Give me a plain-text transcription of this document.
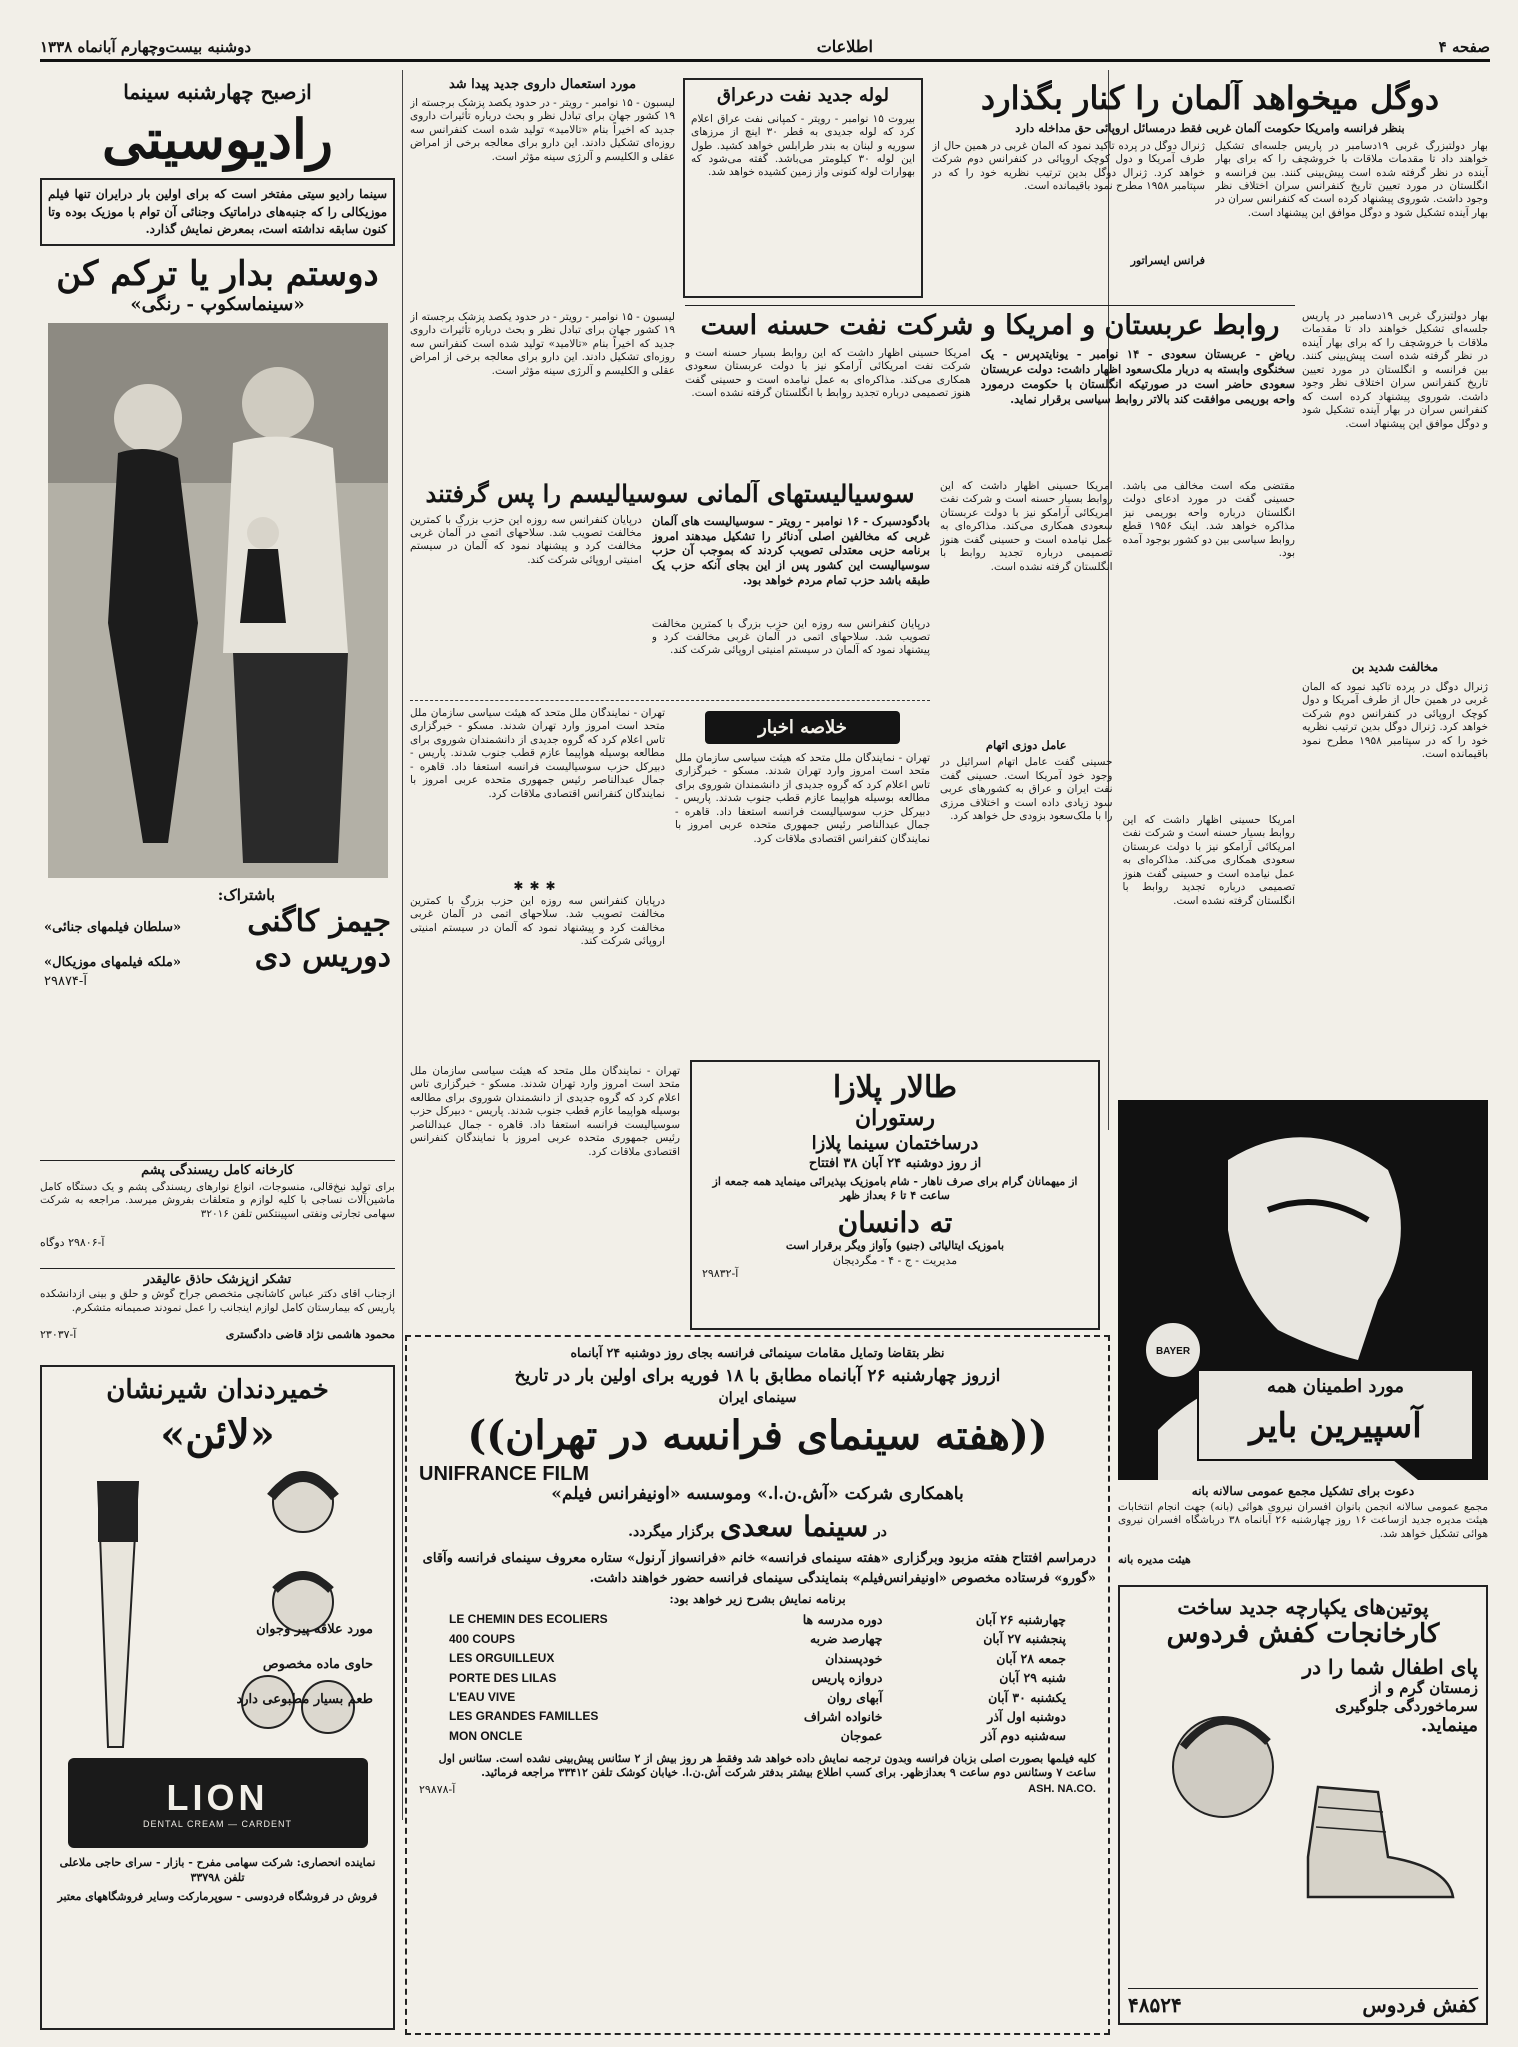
صفحه ۴
اطلاعات
دوشنبه بیست‌وچهارم آبانماه ۱۳۳۸
دوگل میخواهد آلمان را کنار بگذارد
بنظر فرانسه وامریکا حکومت آلمان غربی فقط درمسائل اروپائی حق مداخله دارد
بهار دولتبزرگ غربی ۱۹دسامبر در پاریس جلسه‌ای تشکیل خواهند داد تا مقدمات ملاقات با خروشچف را که برای بهار آینده در نظر گرفته شده است پیش‌بینی کنند. بین فرانسه و انگلستان در مورد تعیین تاریخ کنفرانس سران اختلاف نظر وجود داشت. شوروی پیشنهاد کرده است که کنفرانس سران در بهار آینده تشکیل شود و دوگل موافق این پیشنهاد است.
ژنرال دوگل در پرده تاکید نمود که آلمان غربی در همین حال از طرف آمریکا و دول کوچک اروپائی در کنفرانس دوم شرکت خواهد کرد. ژنرال دوگل بدین ترتیب نظریه خود را که در سپتامبر ۱۹۵۸ مطرح نمود باقیمانده است.
فرانس ایسراتور
بهار دولتبزرگ غربی ۱۹دسامبر در پاریس جلسه‌ای تشکیل خواهند داد تا مقدمات ملاقات با خروشچف را که برای بهار آینده در نظر گرفته شده است پیش‌بینی کنند. بین فرانسه و انگلستان در مورد تعیین تاریخ کنفرانس سران اختلاف نظر وجود داشت. شوروی پیشنهاد کرده است که کنفرانس سران در بهار آینده تشکیل شود و دوگل موافق این پیشنهاد است.
مخالفت شدید بن
ژنرال دوگل در پرده تاکید نمود که آلمان غربی در همین حال از طرف آمریکا و دول کوچک اروپائی در کنفرانس دوم شرکت خواهد کرد. ژنرال دوگل بدین ترتیب نظریه خود را که در سپتامبر ۱۹۵۸ مطرح نمود باقیمانده است.
لوله جدید نفت درعراق
بیروت ۱۵ نوامبر - رویتر - کمپانی نفت عراق اعلام کرد که لوله جدیدی به قطر ۳۰ اینچ از مرزهای سوریه و لبنان به بندر طرابلس خواهد کشید. طول این لوله ۳۰ کیلومتر می‌باشد. گفته می‌شود که بهوارات لوله کنونی واز زمین کشیده خواهد شد.
مورد استعمال داروی جدید پیدا شد
لیسبون - ۱۵ نوامبر - رویتر - در حدود یکصد پزشک برجسته از ۱۹ کشور جهان برای تبادل نظر و بحث درباره تأثیرات داروی جدید که اخیراً بنام «تالامید» تولید شده است کنفرانس سه روزه‌ای تشکیل دادند. این دارو برای معالجه برخی از امراض عقلی و الکلیسم و آلرژی سینه مؤثر است.
لیسبون - ۱۵ نوامبر - رویتر - در حدود یکصد پزشک برجسته از ۱۹ کشور جهان برای تبادل نظر و بحث درباره تأثیرات داروی جدید که اخیراً بنام «تالامید» تولید شده است کنفرانس سه روزه‌ای تشکیل دادند. این دارو برای معالجه برخی از امراض عقلی و الکلیسم و آلرژی سینه مؤثر است.
روابط عربستان و امریکا و شرکت نفت حسنه است
ریاض - عربستان سعودی - ۱۴ نوامبر - یونایتدپرس - یک سخنگوی وابسته به دربار ملک‌سعود اظهار داشت: دولت عربستان سعودی حاضر است در صورتیکه انگلستان با حکومت درمورد واحه بوریمی موافقت کند بالاتر روابط سیاسی برقرار نماید.
امریکا حسینی اظهار داشت که این روابط بسیار حسنه است و شرکت نفت امریکائی آرامکو نیز با دولت عربستان سعودی همکاری می‌کند. مذاکره‌ای به عمل نیامده است و حسینی گفت هنوز تصمیمی درباره تجدید روابط با انگلستان گرفته نشده است.
مقتضی مکه است مخالف می باشد. حسینی گفت در مورد ادعای دولت انگلستان درباره واحه بوریمی نیز مذاکره خواهد شد. اینک ۱۹۵۶ قطع روابط سیاسی بین دو کشور بوجود آمده بود.
امریکا حسینی اظهار داشت که این روابط بسیار حسنه است و شرکت نفت امریکائی آرامکو نیز با دولت عربستان سعودی همکاری می‌کند. مذاکره‌ای به عمل نیامده است و حسینی گفت هنوز تصمیمی درباره تجدید روابط با انگلستان گرفته نشده است.
امریکا حسینی اظهار داشت که این روابط بسیار حسنه است و شرکت نفت امریکائی آرامکو نیز با دولت عربستان سعودی همکاری می‌کند. مذاکره‌ای به عمل نیامده است و حسینی گفت هنوز تصمیمی درباره تجدید روابط با انگلستان گرفته نشده است.
عامل دوزی اتهام
حسینی گفت عامل اتهام اسرائیل در وجود خود آمریکا است. حسینی گفت نفت ایران و عراق به کشورهای عربی سود زیادی داده است و اختلاف مرزی را با ملک‌سعود بزودی حل خواهد کرد.
سوسیالیستهای آلمانی سوسیالیسم را پس گرفتند
بادگودسبرک - ۱۶ نوامبر - رویتر - سوسیالیست های آلمان غربی که مخالفین اصلی آدنائر را تشکیل میدهند امروز برنامه حزبی معتدلی تصویب کردند که بموجب آن حزب سوسیالیست این کشور پس از این بجای آنکه حزب یک طبقه باشد حزب تمام مردم خواهد بود.
درپایان کنفرانس سه روزه این حزب بزرگ با کمترین مخالفت تصویب شد. سلاحهای اتمی در آلمان غربی مخالفت کرد و پیشنهاد نمود که آلمان در سیستم امنیتی اروپائی شرکت کند.
درپایان کنفرانس سه روزه این حزب بزرگ با کمترین مخالفت تصویب شد. سلاحهای اتمی در آلمان غربی مخالفت کرد و پیشنهاد نمود که آلمان در سیستم امنیتی اروپائی شرکت کند.
خلاصه اخبار
تهران - نمایندگان ملل متحد که هیئت سیاسی سازمان ملل متحد است امروز وارد تهران شدند. مسکو - خبرگزاری تاس اعلام کرد که گروه جدیدی از دانشمندان شوروی برای مطالعه بوسیله هواپیما عازم قطب جنوب شدند. پاریس - دبیرکل حزب سوسیالیست فرانسه استعفا داد. قاهره - جمال عبدالناصر رئیس جمهوری متحده عربی امروز با نمایندگان کنفرانس اقتصادی ملاقات کرد.
تهران - نمایندگان ملل متحد که هیئت سیاسی سازمان ملل متحد است امروز وارد تهران شدند. مسکو - خبرگزاری تاس اعلام کرد که گروه جدیدی از دانشمندان شوروی برای مطالعه بوسیله هواپیما عازم قطب جنوب شدند. پاریس - دبیرکل حزب سوسیالیست فرانسه استعفا داد. قاهره - جمال عبدالناصر رئیس جمهوری متحده عربی امروز با نمایندگان کنفرانس اقتصادی ملاقات کرد.
✱✱✱
درپایان کنفرانس سه روزه این حزب بزرگ با کمترین مخالفت تصویب شد. سلاحهای اتمی در آلمان غربی مخالفت کرد و پیشنهاد نمود که آلمان در سیستم امنیتی اروپائی شرکت کند.
طالار پلازا
رستوران
درساختمان سینما پلازا
از روز دوشنبه ۲۴ آبان ۳۸ افتتاح
از میهمانان گرام برای صرف ناهار - شام باموزیک بپذیرائی مینماید همه جمعه از ساعت ۴ تا ۶ بعداز ظهر
ته دانسان
باموزیک ایتالیائی (جنیو) وآواز ویگر برقرار است
مدیریت - ج - ۴ - مگردیجان
آ-۲۹۸۳۲
تهران - نمایندگان ملل متحد که هیئت سیاسی سازمان ملل متحد است امروز وارد تهران شدند. مسکو - خبرگزاری تاس اعلام کرد که گروه جدیدی از دانشمندان شوروی برای مطالعه بوسیله هواپیما عازم قطب جنوب شدند. پاریس - دبیرکل حزب سوسیالیست فرانسه استعفا داد. قاهره - جمال عبدالناصر رئیس جمهوری متحده عربی امروز با نمایندگان کنفرانس اقتصادی ملاقات کرد.
BAYER
مورد اطمینان همه
آسپیرین بایر
دعوت برای تشکیل مجمع عمومی سالانه بانه
مجمع عمومی سالانه انجمن بانوان افسران نیروی هوائی (بانه) جهت انجام انتخابات هیئت مدیره جدید ازساعت ۱۶ روز چهارشنبه ۲۶ آبانماه ۳۸ درباشگاه افسران نیروی هوائی تشکیل خواهد شد.
هیئت مدیره بانه
پوتین‌های یکپارچه جدید ساخت
کارخانجات کفش فردوس
پای اطفال شما را در
زمستان گرم و از سرماخوردگی جلوگیری
مینماید.
کفش فردوس
۴۸۵۲۴
نظر بتقاضا وتمایل مقامات سینمائی فرانسه بجای روز دوشنبه ۲۴ آبانماه
ازروز چهارشنبه ۲۶ آبانماه مطابق با ۱۸ فوریه برای اولین بار در تاریخ
سینمای ایران
((هفته سینمای فرانسه در تهران))
UNIFRANCE FILM
باهمکاری شرکت «آش.ن.ا.» وموسسه «اونیفرانس فیلم»
در سینما سعدی برگزار میگردد.
درمراسم افتتاح هفته مزبود وبرگزاری «هفته سینمای فرانسه» خانم «فرانسواز آرنول» ستاره معروف سینمای فرانسه وآقای «گورو» فرستاده مخصوص «اونیفرانس‌فیلم» بنمایندگی سینمای فرانسه حضور خواهند داشت.
برنامه نمایش بشرح زیر خواهد بود:
چهارشنبه ۲۶ آبان
دوره مدرسه ها
LE CHEMIN DES ECOLIERS
پنجشنبه ۲۷ آبان
چهارصد ضربه
400 COUPS
جمعه ۲۸ آبان
خودپسندان
LES ORGUILLEUX
شنبه ۲۹ آبان
دروازه پاریس
PORTE DES LILAS
یکشنبه ۳۰ آبان
آبهای روان
L'EAU VIVE
دوشنبه اول آذر
خانواده اشراف
LES GRANDES FAMILLES
سه‌شنبه دوم آذر
عموجان
MON ONCLE
کلیه فیلمها بصورت اصلی بزبان فرانسه وبدون ترجمه نمایش داده خواهد شد وفقط هر روز بیش از ۲ سئانس پیش‌بینی نشده است. سئانس اول ساعت ۷ وسئانس دوم ساعت ۹ بعدازظهر. برای کسب اطلاع بیشتر بدفتر شرکت آش.ن.ا. خیابان کوشک تلفن ۳۳۴۱۲ مراجعه فرمائید.
ASH. NA.CO.
آ-۲۹۸۷۸
ازصبح چهارشنبه سینما
رادیوسیتی
سینما رادیو سیتی مفتخر است که برای اولین بار درایران تنها فیلم موزیکالی را که جنبه‌های دراماتیک وجنائی آن توام با موزیک بوده وتا کنون سابقه نداشته است، بمعرض نمایش گذارد.
دوستم بدار یا ترکم کن
«سینماسکوپ - رنگی»
باشتراک:
جیمز کاگنی
«سلطان فیلمهای جنائی»
دوریس دی
«ملکه فیلمهای موزیکال»
آ-۲۹۸۷۴
کارخانه کامل ریسندگی پشم
برای تولید نیخ‌قالی، منسوجات، انواع نوارهای ریسندگی پشم و یک دستگاه کامل ماشین‌آلات نساجی با کلیه لوازم و متعلقات بفروش میرسد. مراجعه به شرکت سهامی تجارتی ونفتی اسپینتکس تلفن ۳۲۰۱۶
آ-۲۹۸۰۶ دوگاه
تشکر ازپزشک حاذق عالیقدر
ازجناب آقای دکتر عباس کاشانچی متخصص جراح گوش و حلق و بینی ازدانشکده پاریس که بیمارستان کامل لوازم اینجانب را عمل نمودند صمیمانه متشکرم.
محمود هاشمی نژاد قاضی دادگستری
آ-۲۳۰۳۷
خمیردندان شیرنشان
«لائن»
مورد علاقه پیر وجوان
حاوی ماده مخصوص
طعم بسیار مطبوعی دارد
LION
DENTAL CREAM — CARDENT
نماینده انحصاری: شرکت سهامی مفرح - بازار - سرای حاجی ملاعلی تلفن ۳۳۷۹۸
فروش در فروشگاه فردوسی - سوپرمارکت وسایر فروشگاههای معتبر
